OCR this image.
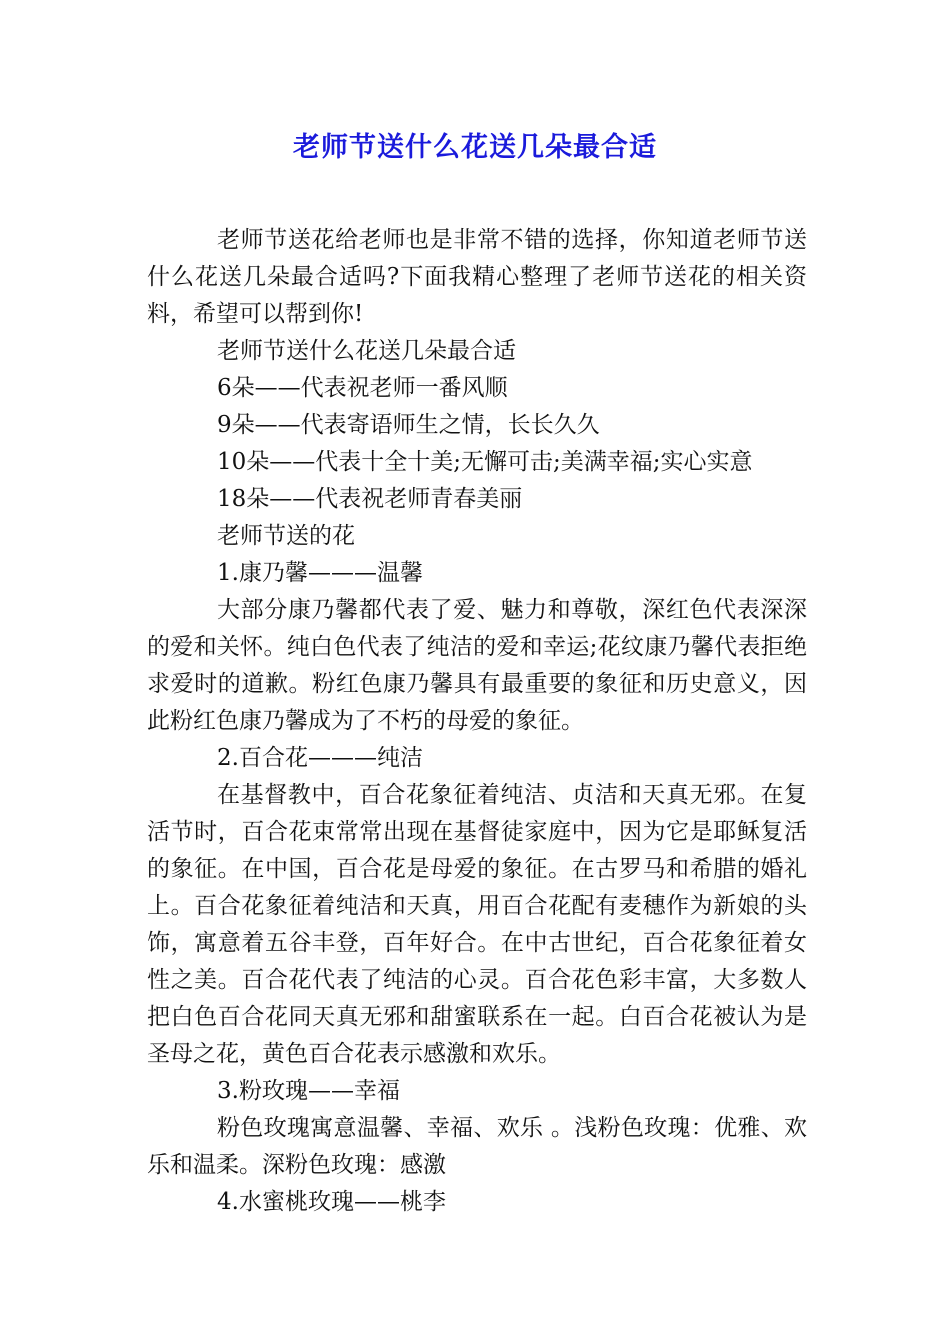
老师节送什么花送几朵最合适

老师节送花给老师也是非常不错的选择，你知道老师节送什么花送几朵最合适吗?下面我精心整理了老师节送花的相关资料，希望可以帮到你!

老师节送什么花送几朵最合适

6朵——代表祝老师一番风顺

9朵——代表寄语师生之情，长长久久

10朵——代表十全十美;无懈可击;美满幸福;实心实意

18朵——代表祝老师青春美丽

老师节送的花

1.康乃馨———温馨

大部分康乃馨都代表了爱、魅力和尊敬，深红色代表深深的爱和关怀。纯白色代表了纯洁的爱和幸运;花纹康乃馨代表拒绝求爱时的道歉。粉红色康乃馨具有最重要的象征和历史意义，因此粉红色康乃馨成为了不朽的母爱的象征。

2.百合花———纯洁

在基督教中，百合花象征着纯洁、贞洁和天真无邪。在复活节时，百合花束常常出现在基督徒家庭中，因为它是耶稣复活的象征。在中国，百合花是母爱的象征。在古罗马和希腊的婚礼上。百合花象征着纯洁和天真，用百合花配有麦穗作为新娘的头饰，寓意着五谷丰登，百年好合。在中古世纪，百合花象征着女性之美。百合花代表了纯洁的心灵。百合花色彩丰富，大多数人把白色百合花同天真无邪和甜蜜联系在一起。白百合花被认为是圣母之花，黄色百合花表示感激和欢乐。

3.粉玫瑰——幸福

粉色玫瑰寓意温馨、幸福、欢乐 。浅粉色玫瑰：优雅、欢乐和温柔。深粉色玫瑰：感激

4.水蜜桃玫瑰——桃李
